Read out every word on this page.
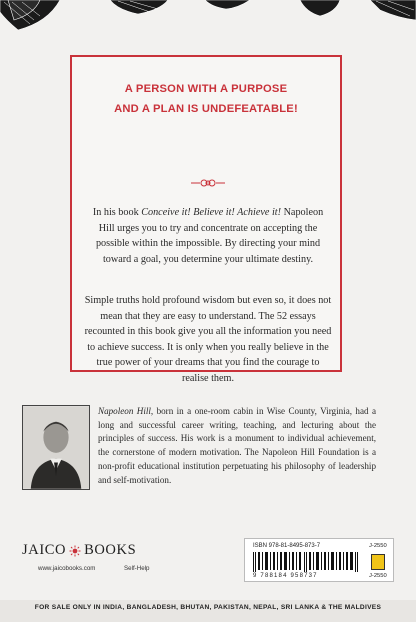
A PERSON WITH A PURPOSE
AND A PLAN IS UNDEFEATABLE!

In his book Conceive it! Believe it! Achieve it! Napoleon Hill urges you to try and concentrate on accepting the possible within the impossible. By directing your mind toward a goal, you determine your ultimate destiny.

Simple truths hold profound wisdom but even so, it does not mean that they are easy to understand. The 52 essays recounted in this book give you all the information you need to achieve success. It is only when you really believe in the true power of your dreams that you find the courage to realise them.

Napoleon Hill, born in a one-room cabin in Wise County, Virginia, had a long and successful career writing, teaching, and lecturing about the principles of success. His work is a monument to individual achievement, the cornerstone of modern motivation. The Napoleon Hill Foundation is a non-profit educational institution perpetuating his philosophy of leadership and self-motivation.

JAICO BOOKS
www.jaicobooks.com	Self-Help
ISBN 978-81-8495-873-7
9 788184 958737
J-2550
J-2550
FOR SALE ONLY IN INDIA, BANGLADESH, BHUTAN, PAKISTAN, NEPAL, SRI LANKA & THE MALDIVES
